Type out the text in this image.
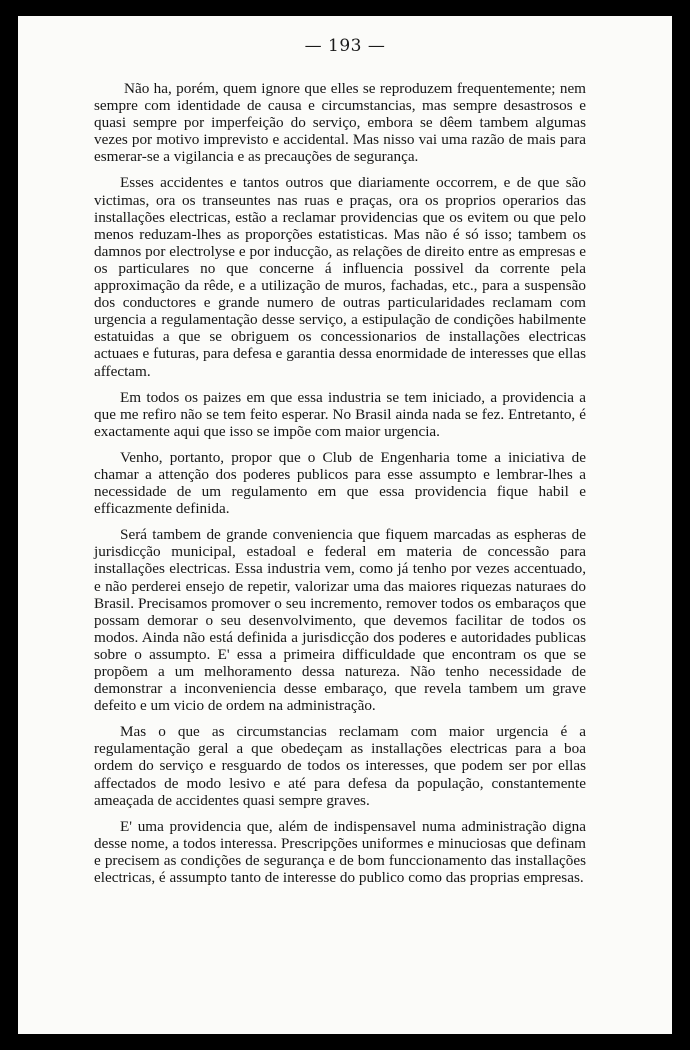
— 193 —

Não ha, porém, quem ignore que elles se reproduzem frequentemente; nem sempre com identidade de causa e circumstancias, mas sempre desastrosos e quasi sempre por imperfeição do serviço, embora se dêem tambem algumas vezes por motivo imprevisto e accidental. Mas nisso vai uma razão de mais para esmerar-se a vigilancia e as precauções de segurança.

Esses accidentes e tantos outros que diariamente occorrem, e de que são victimas, ora os transeuntes nas ruas e praças, ora os proprios operarios das installações electricas, estão a reclamar providencias que os evitem ou que pelo menos reduzam-lhes as proporções estatisticas. Mas não é só isso; tambem os damnos por electrolyse e por inducção, as relações de direito entre as empresas e os particulares no que concerne á influencia possivel da corrente pela approximação da rêde, e a utilização de muros, fachadas, etc., para a suspensão dos conductores e grande numero de outras particularidades reclamam com urgencia a regulamentação desse serviço, a estipulação de condições habilmente estatuidas a que se obriguem os concessionarios de installações electricas actuaes e futuras, para defesa e garantia dessa enormidade de interesses que ellas affectam.

Em todos os paizes em que essa industria se tem iniciado, a providencia a que me refiro não se tem feito esperar. No Brasil ainda nada se fez. Entretanto, é exactamente aqui que isso se impõe com maior urgencia.

Venho, portanto, propor que o Club de Engenharia tome a iniciativa de chamar a attenção dos poderes publicos para esse assumpto e lembrar-lhes a necessidade de um regulamento em que essa providencia fique habil e efficazmente definida.

Será tambem de grande conveniencia que fiquem marcadas as espheras de jurisdicção municipal, estadoal e federal em materia de concessão para installações electricas. Essa industria vem, como já tenho por vezes accentuado, e não perderei ensejo de repetir, valorizar uma das maiores riquezas naturaes do Brasil. Precisamos promover o seu incremento, remover todos os embaraços que possam demorar o seu desenvolvimento, que devemos facilitar de todos os modos. Ainda não está definida a jurisdicção dos poderes e autoridades publicas sobre o assumpto. E' essa a primeira difficuldade que encontram os que se propõem a um melhoramento dessa natureza. Não tenho necessidade de demonstrar a inconveniencia desse embaraço, que revela tambem um grave defeito e um vicio de ordem na administração.

Mas o que as circumstancias reclamam com maior urgencia é a regulamentação geral a que obedeçam as installações electricas para a boa ordem do serviço e resguardo de todos os interesses, que podem ser por ellas affectados de modo lesivo e até para defesa da população, constantemente ameaçada de accidentes quasi sempre graves.

E' uma providencia que, além de indispensavel numa administração digna desse nome, a todos interessa. Prescripções uniformes e minuciosas que definam e precisem as condições de segurança e de bom funccionamento das installações electricas, é assumpto tanto de interesse do publico como das proprias empresas.
